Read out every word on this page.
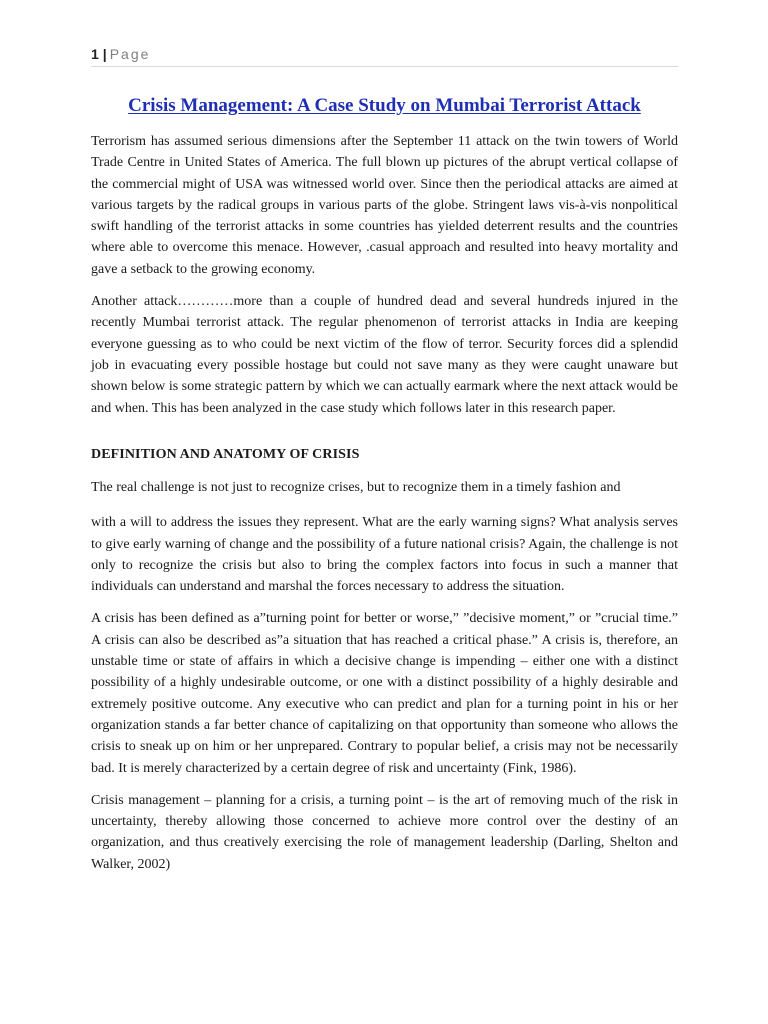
1 | Page
Crisis Management: A Case Study on Mumbai Terrorist Attack

Terrorism has assumed serious dimensions after the September 11 attack on the twin towers of World Trade Centre in United States of America. The full blown up pictures of the abrupt vertical collapse of the commercial might of USA was witnessed world over. Since then the periodical attacks are aimed at various targets by the radical groups in various parts of the globe. Stringent laws vis-à-vis nonpolitical swift handling of the terrorist attacks in some countries has yielded deterrent results and the countries where able to overcome this menace. However, .casual approach and resulted into heavy mortality and gave a setback to the growing economy.

Another attack…………more than a couple of hundred dead and several hundreds injured in the recently Mumbai terrorist attack. The regular phenomenon of terrorist attacks in India are keeping everyone guessing as to who could be next victim of the flow of terror. Security forces did a splendid job in evacuating every possible hostage but could not save many as they were caught unaware but shown below is some strategic pattern by which we can actually earmark where the next attack would be and when. This has been analyzed in the case study which follows later in this research paper.

DEFINITION AND ANATOMY OF CRISIS

The real challenge is not just to recognize crises, but to recognize them in a timely fashion and

with a will to address the issues they represent. What are the early warning signs? What analysis serves to give early warning of change and the possibility of a future national crisis? Again, the challenge is not only to recognize the crisis but also to bring the complex factors into focus in such a manner that individuals can understand and marshal the forces necessary to address the situation.

A crisis has been defined as a”turning point for better or worse,” ”decisive moment,” or ”crucial time.” A crisis can also be described as”a situation that has reached a critical phase.” A crisis is, therefore, an unstable time or state of affairs in which a decisive change is impending – either one with a distinct possibility of a highly undesirable outcome, or one with a distinct possibility of a highly desirable and extremely positive outcome. Any executive who can predict and plan for a turning point in his or her organization stands a far better chance of capitalizing on that opportunity than someone who allows the crisis to sneak up on him or her unprepared. Contrary to popular belief, a crisis may not be necessarily bad. It is merely characterized by a certain degree of risk and uncertainty (Fink, 1986).

Crisis management – planning for a crisis, a turning point – is the art of removing much of the risk in uncertainty, thereby allowing those concerned to achieve more control over the destiny of an organization, and thus creatively exercising the role of management leadership (Darling, Shelton and Walker, 2002)
